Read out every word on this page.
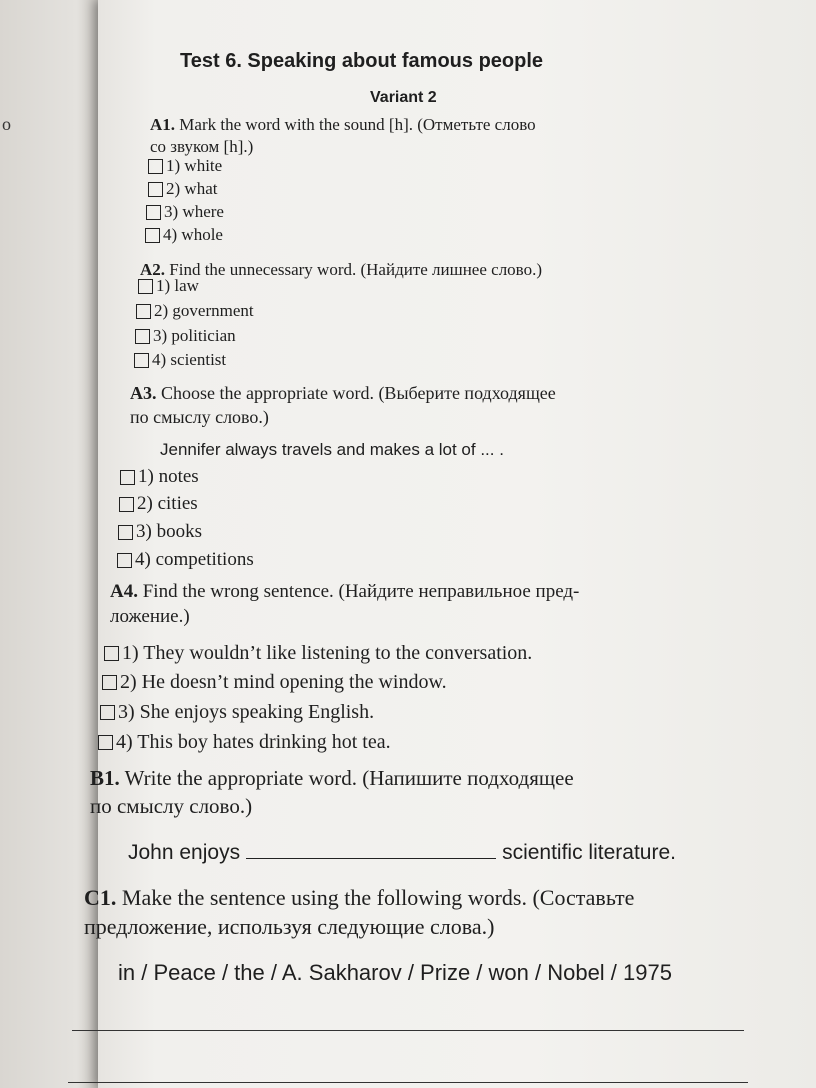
о
Test 6. Speaking about famous people
Variant 2
A1. Mark the word with the sound [h]. (Отметьте слово
со звуком [h].)
1) white
2) what
3) where
4) whole
A2. Find the unnecessary word. (Найдите лишнее слово.)
1) law
2) government
3) politician
4) scientist
A3. Choose the appropriate word. (Выберите подходящее
по смыслу слово.)
Jennifer always travels and makes a lot of ... .
1) notes
2) cities
3) books
4) competitions
A4. Find the wrong sentence. (Найдите неправильное пред-
ложение.)
1) They wouldn’t like listening to the conversation.
2) He doesn’t mind opening the window.
3) She enjoys speaking English.
4) This boy hates drinking hot tea.
B1. Write the appropriate word. (Напишите подходящее
по смыслу слово.)
John enjoys	scientific literature.
C1. Make the sentence using the following words. (Составьте
предложение, используя следующие слова.)
in / Peace / the / A. Sakharov / Prize / won / Nobel / 1975
